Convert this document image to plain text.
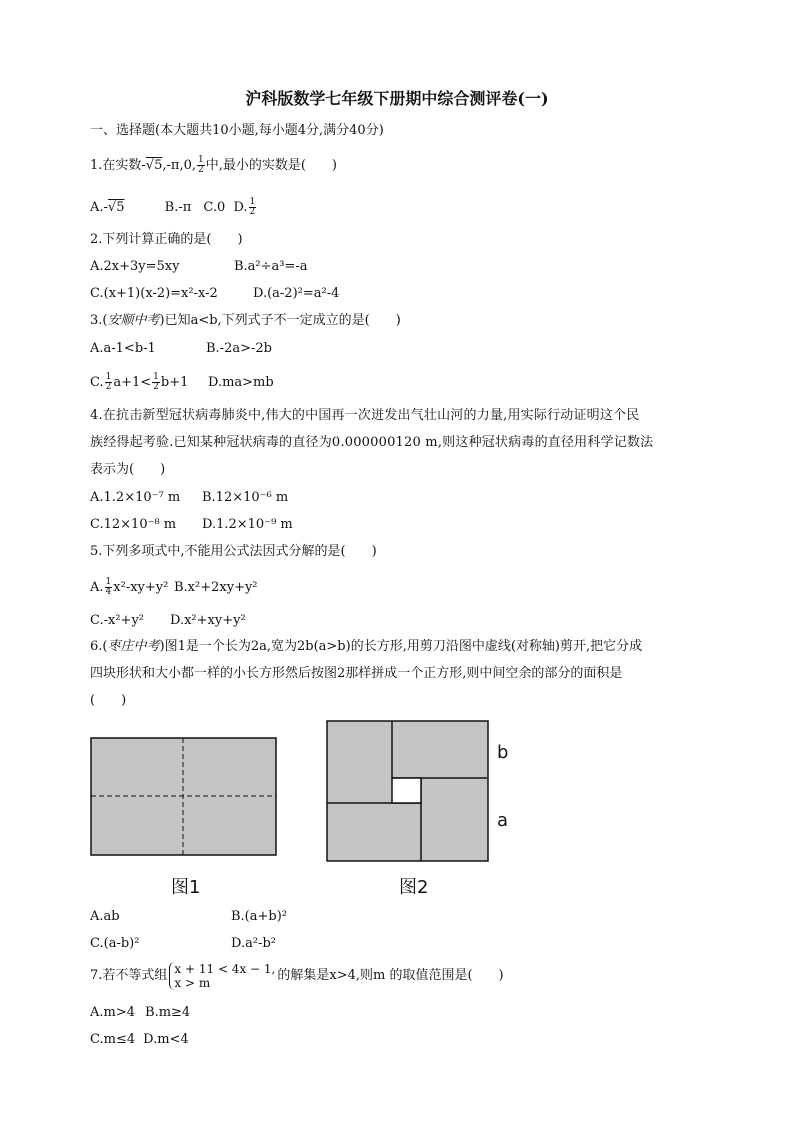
沪科版数学七年级下册期中综合测评卷(一)
一、选择题(本大题共10小题,每小题4分,满分40分)
1.在实数-√5,-π,0, $\frac{1}{2}$ 中,最小的实数是(　　)
A.-√5	B.-π C.0 D. $\frac{1}{2}$
2.下列计算正确的是(　　)
A.2x+3y=5xy	B.a²÷a³=-a
C.(x+1)(x-2)=x²-x-2	D.(a-2)²=a²-4
3.(安顺中考)已知a<b,下列式子不一定成立的是(　　)
A.a-1<b-1	B.-2a>-2b
C. $\frac{1}{2} a+1< \frac{1}{2} b+1$ D.ma>mb
4.在抗击新型冠状病毒肺炎中,伟大的中国再一次迸发出气壮山河的力量,用实际行动证明这个民
族经得起考验.已知某种冠状病毒的直径为0.000000120 m,则这种冠状病毒的直径用科学记数法
表示为(　　)
A.1.2×10⁻⁷ m B.12×10⁻⁶ m
C.12×10⁻⁸ m D.1.2×10⁻⁹ m
5.下列多项式中,不能用公式法因式分解的是(　　)
A. $\frac{1}{4} x^2-xy+y^2$ B.x²+2xy+y²
C.-x²+y² D.x²+xy+y²
6.(枣庄中考)图1是一个长为2a,宽为2b(a>b)的长方形,用剪刀沿图中虚线(对称轴)剪开,把它分成
四块形状和大小都一样的小长方形然后按图2那样拼成一个正方形,则中间空余的部分的面积是
(　　)
图1
b
a
图2
A.ab	B.(a+b)²
C.(a-b)²	D.a²-b²
7.若不等式组 x + 11 < 4x − 1,
x > m	的解集是x>4,则m 的取值范围是(　　)
A.m>4 B.m≥4
C.m≤4 D.m<4
